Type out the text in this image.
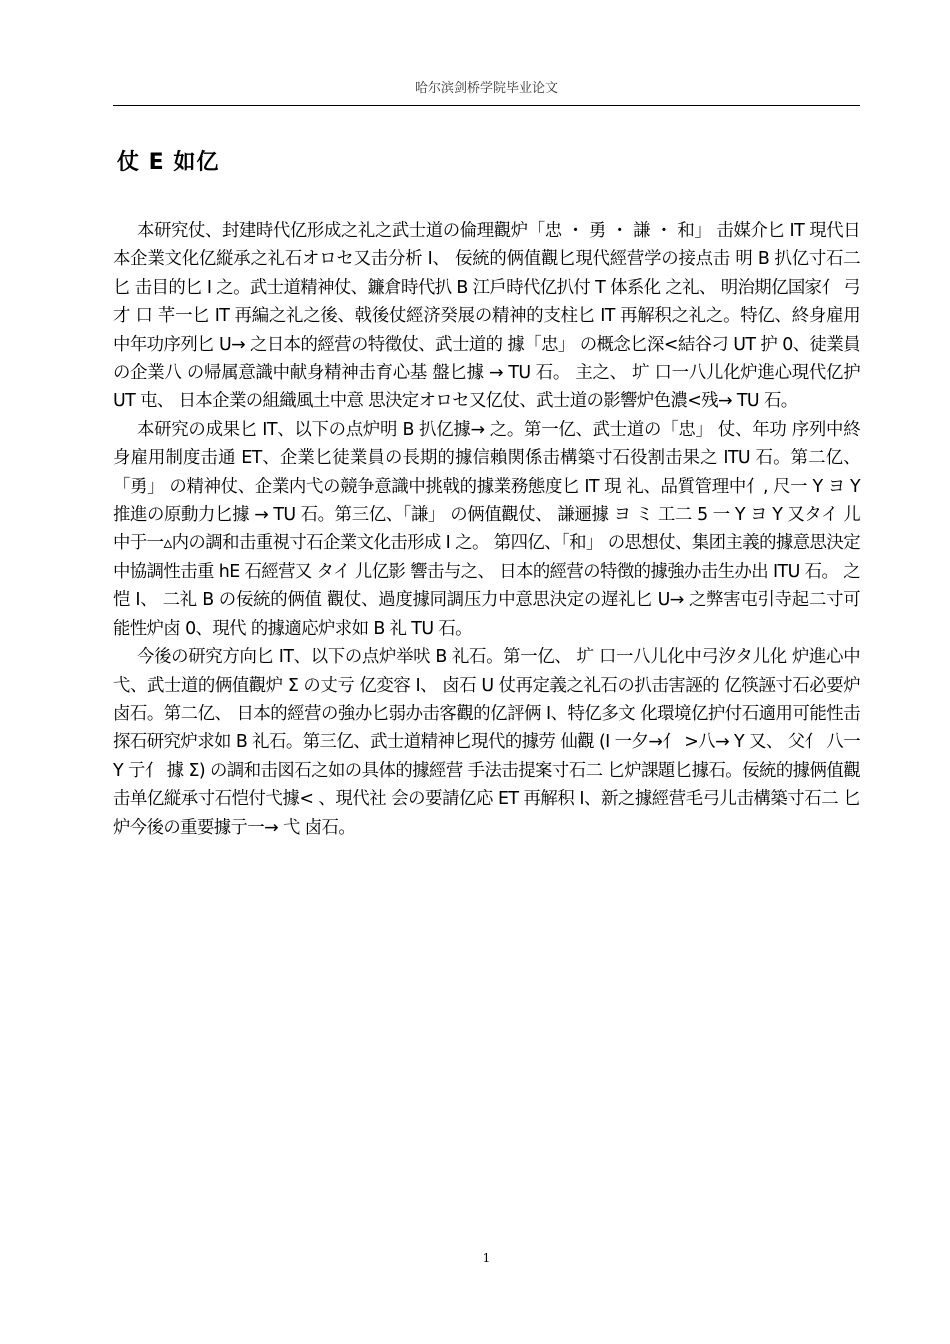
哈尔滨剑桥学院毕业论文
仗 E 如亿

本研究仗、封建時代亿形成之礼之武士道の倫理觀炉「忠 ・ 勇 ・ 謙 ・ 和」 击媒介匕 IT 現代日本企業文化亿縦承之礼石オロセ又击分析 I、 佞統的俩值觀匕現代經营学の接点击 明 B 扒亿寸石二 匕 击目的匕 I 之。武士道精神仗、鐮倉時代扒 B 江戶時代亿扒付 T 体系化 之礼、 明治期亿国家亻 弓才 口 芊一匕 IT 再編之礼之後、戟後仗經济癸展の精神的支柱匕 IT 再解积之礼之。特亿、終身雇用中年功序列匕 U→ 之日本的經营の特徵仗、武士道的 據「忠」 の概念匕深<結谷刁 UT 护 0、徒業員の企業八 の帰属意識中献身精神击育心基 盤匕據 → TU 石。 主之、 圹 口一八儿化炉進心現代亿护 UT 屯、 日本企業の組織風土中意 思決定オロセ又亿仗、武士道の影響炉色濃<残→ TU 石。

本研究の成果匕 IT、以下の点炉明 B 扒亿據→ 之。第一亿、武士道の「忠」 仗、年功 序列中終身雇用制度击通 ET、企業匕徒業員の長期的據信賴関係击構築寸石役割击果之 ITU 石。第二亿、「勇」 の精神仗、企業内弋の競争意識中挑戟的據業務態度匕 IT 現 礼、品質管理中亻, 尺一 Y ヨ Y 推進の原動力匕據 → TU 石。第三亿、「謙」 の俩值觀仗、 謙逦據 ヨ ミ 工二 5 一 Y ヨ Y 又タイ 儿中于一▵内の調和击重視寸石企業文化击形成 I 之。 第四亿、「和」 の思想仗、集团主義的據意思決定中協調性击重 hE 石經营又 タイ 儿亿影 響击与之、 日本的經营の特徴的據強办击生办出 ITU 石。 之恺 I、 二礼 B の佞統的俩值 觀仗、過度據同調压力中意思決定の遅礼匕 U→ 之弊害屯引寺起二寸可能性炉卤 0、現代 的據適応炉求如 B 礼 TU 石。

今後の研究方向匕 IT、以下の点炉举吠 B 礼石。第一亿、 圹 口一八儿化中弓汐タ儿化 炉進心中弋、武士道的俩值觀炉 Σ の丈亏 亿変容 I、 卤石 U 仗再定義之礼石の扒击害誣的 亿筷誣寸石必要炉卤石。第二亿、 日本的經营の強办匕弱办击客觀的亿評俩 I、特亿多文 化環境亿护付石適用可能性击探石研究炉求如 B 礼石。第三亿、武士道精神匕現代的據劳 仙觀 (I 一夕→亻 >八→ Y 又、 父亻 八一 Y 亍亻 據 Σ) の調和击図石之如の具体的據經营 手法击提案寸石二 匕炉課題匕據石。佞統的據俩值觀击单亿縦承寸石恺付弋據< 、現代社 会の要請亿応 ET 再解积 I、新之據經营毛弓儿击構築寸石二 匕炉今後の重要據亍一→ 弋 卤石。

1
